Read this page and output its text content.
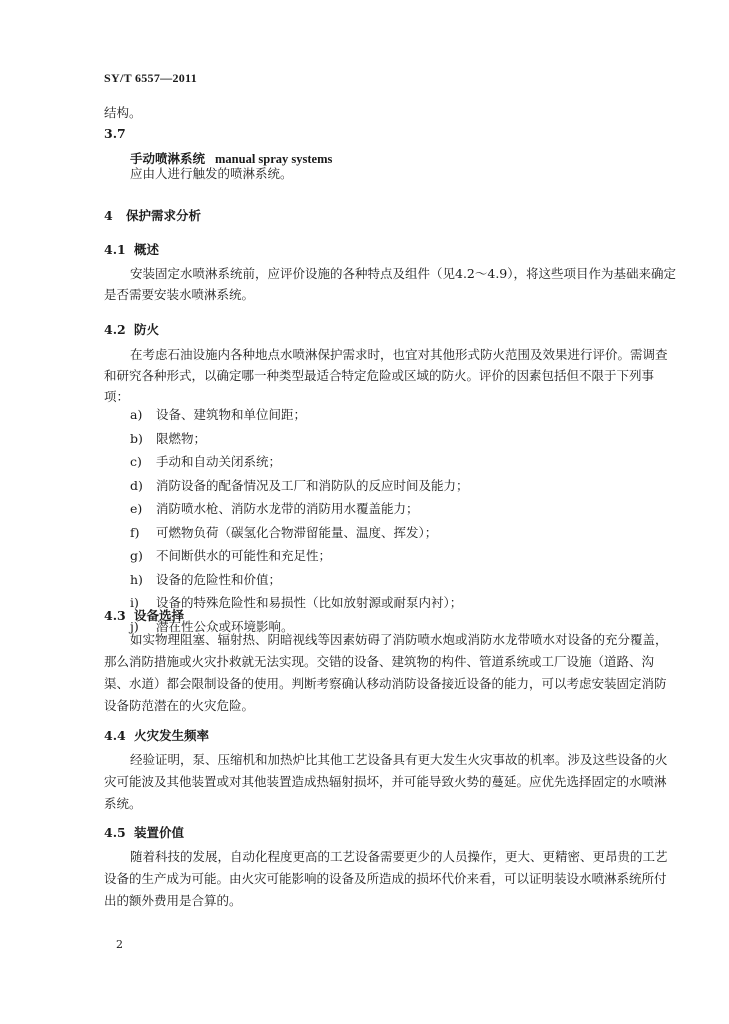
SY/T 6557—2011
结构。
3.7
手动喷淋系统 manual spray systems
应由人进行触发的喷淋系统。
4 保护需求分析
4.1 概述
安装固定水喷淋系统前，应评价设施的各种特点及组件（见4.2～4.9），将这些项目作为基础来确定是否需要安装水喷淋系统。
4.2 防火
在考虑石油设施内各种地点水喷淋保护需求时，也宜对其他形式防火范围及效果进行评价。需调查和研究各种形式，以确定哪一种类型最适合特定危险或区域的防火。评价的因素包括但不限于下列事项：
a) 设备、建筑物和单位间距；
b) 限燃物；
c) 手动和自动关闭系统；
d) 消防设备的配备情况及工厂和消防队的反应时间及能力；
e) 消防喷水枪、消防水龙带的消防用水覆盖能力；
f) 可燃物负荷（碳氢化合物滞留能量、温度、挥发）；
g) 不间断供水的可能性和充足性；
h) 设备的危险性和价值；
i) 设备的特殊危险性和易损性（比如放射源或耐泵内衬）；
j) 潜在性公众或环境影响。
4.3 设备选择
如实物理阻塞、辐射热、阴暗视线等因素妨碍了消防喷水炮或消防水龙带喷水对设备的充分覆盖，那么消防措施或火灾扑救就无法实现。交错的设备、建筑物的构件、管道系统或工厂设施（道路、沟渠、水道）都会限制设备的使用。判断考察确认移动消防设备接近设备的能力，可以考虑安装固定消防设备防范潜在的火灾危险。
4.4 火灾发生频率
经验证明，泵、压缩机和加热炉比其他工艺设备具有更大发生火灾事故的机率。涉及这些设备的火灾可能波及其他装置或对其他装置造成热辐射损坏，并可能导致火势的蔓延。应优先选择固定的水喷淋系统。
4.5 装置价值
随着科技的发展，自动化程度更高的工艺设备需要更少的人员操作，更大、更精密、更昂贵的工艺设备的生产成为可能。由火灾可能影响的设备及所造成的损坏代价来看，可以证明装设水喷淋系统所付出的额外费用是合算的。
2
